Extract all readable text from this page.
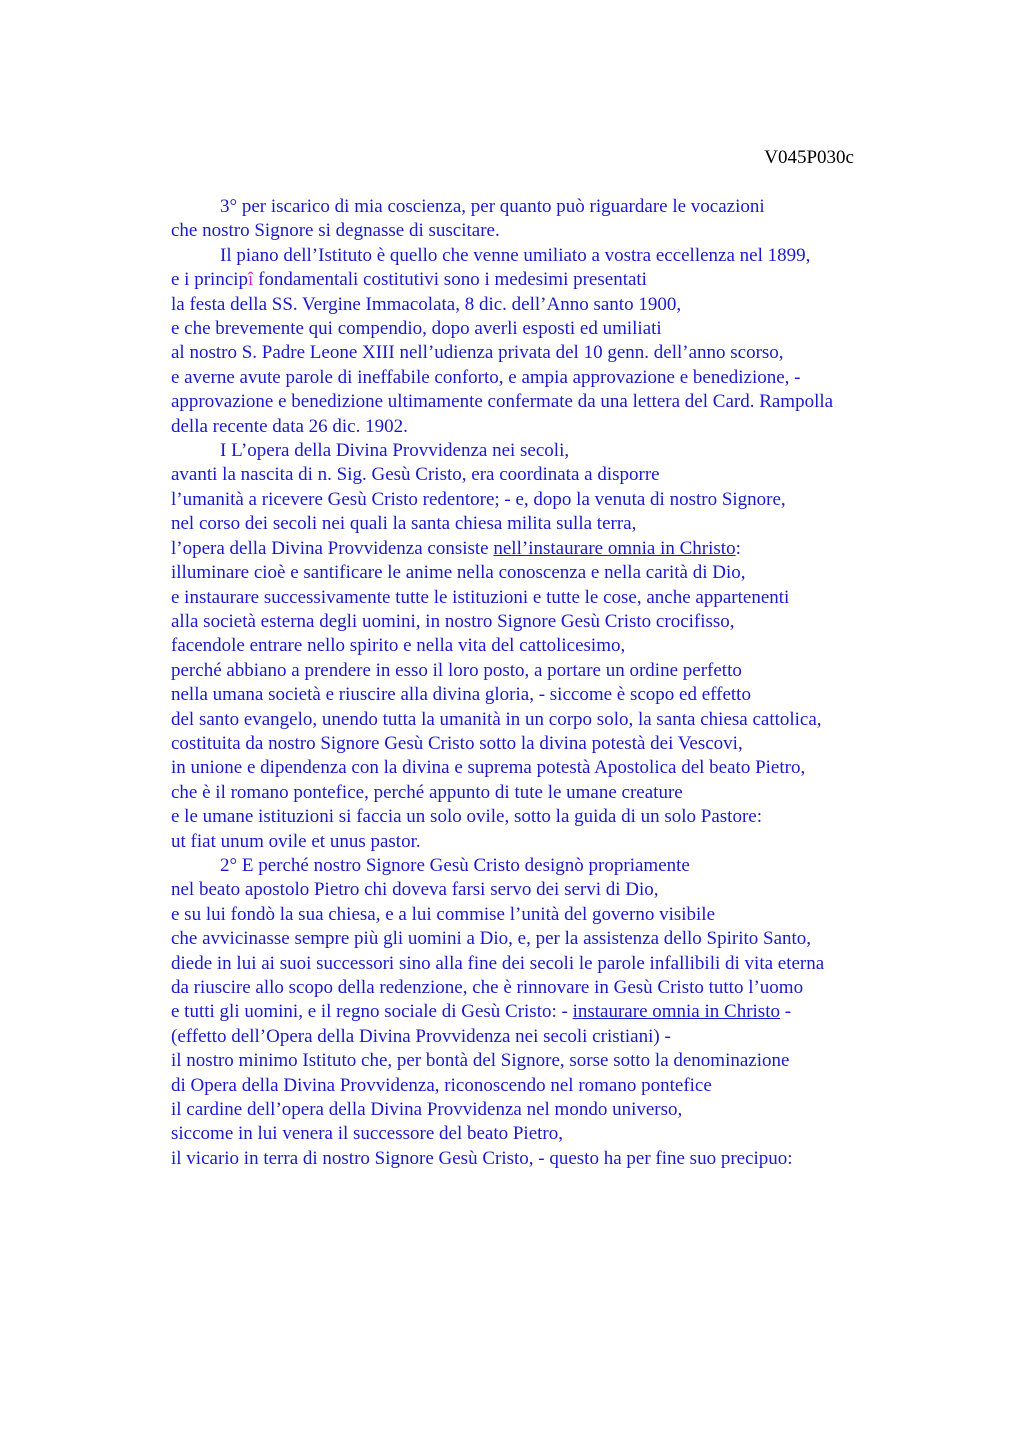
V045P030c
3° per iscarico di mia coscienza, per quanto può riguardare le vocazioni
che nostro Signore si degnasse di suscitare.
Il piano dell’Istituto è quello che venne umiliato a vostra eccellenza nel 1899,
e i principî fondamentali costitutivi sono i medesimi presentati
la festa della SS. Vergine Immacolata, 8 dic. dell’Anno santo 1900,
e che brevemente qui compendio, dopo averli esposti ed umiliati
al nostro S. Padre Leone XIII nell’udienza privata del 10 genn. dell’anno scorso,
e averne avute parole di ineffabile conforto, e ampia approvazione e benedizione, -
approvazione e benedizione ultimamente confermate da una lettera del Card. Rampolla
della recente data 26 dic. 1902.
I L’opera della Divina Provvidenza nei secoli,
avanti la nascita di n. Sig. Gesù Cristo, era coordinata a disporre
l’umanità a ricevere Gesù Cristo redentore; - e, dopo la venuta di nostro Signore,
nel corso dei secoli nei quali la santa chiesa milita sulla terra,
l’opera della Divina Provvidenza consiste nell’instaurare omnia in Christo:
illuminare cioè e santificare le anime nella conoscenza e nella carità di Dio,
e instaurare successivamente tutte le istituzioni e tutte le cose, anche appartenenti
alla società esterna degli uomini, in nostro Signore Gesù Cristo crocifisso,
facendole entrare nello spirito e nella vita del cattolicesimo,
perché abbiano a prendere in esso il loro posto, a portare un ordine perfetto
nella umana società e riuscire alla divina gloria, - siccome è scopo ed effetto
del santo evangelo, unendo tutta la umanità in un corpo solo, la santa chiesa cattolica,
costituita da nostro Signore Gesù Cristo sotto la divina potestà dei Vescovi,
in unione e dipendenza con la divina e suprema potestà Apostolica del beato Pietro,
che è il romano pontefice, perché appunto di tute le umane creature
e le umane istituzioni si faccia un solo ovile, sotto la guida di un solo Pastore:
ut fiat unum ovile et unus pastor.
2° E perché nostro Signore Gesù Cristo designò propriamente
nel beato apostolo Pietro chi doveva farsi servo dei servi di Dio,
e su lui fondò la sua chiesa, e a lui commise l’unità del governo visibile
che avvicinasse sempre più gli uomini a Dio, e, per la assistenza dello Spirito Santo,
diede in lui ai suoi successori sino alla fine dei secoli le parole infallibili di vita eterna
da riuscire allo scopo della redenzione, che è rinnovare in Gesù Cristo tutto l’uomo
e tutti gli uomini, e il regno sociale di Gesù Cristo: - instaurare omnia in Christo -
(effetto dell’Opera della Divina Provvidenza nei secoli cristiani) -
il nostro minimo Istituto che, per bontà del Signore, sorse sotto la denominazione
di Opera della Divina Provvidenza, riconoscendo nel romano pontefice
il cardine dell’opera della Divina Provvidenza nel mondo universo,
siccome in lui venera il successore del beato Pietro,
il vicario in terra di nostro Signore Gesù Cristo, - questo ha per fine suo precipuo:
